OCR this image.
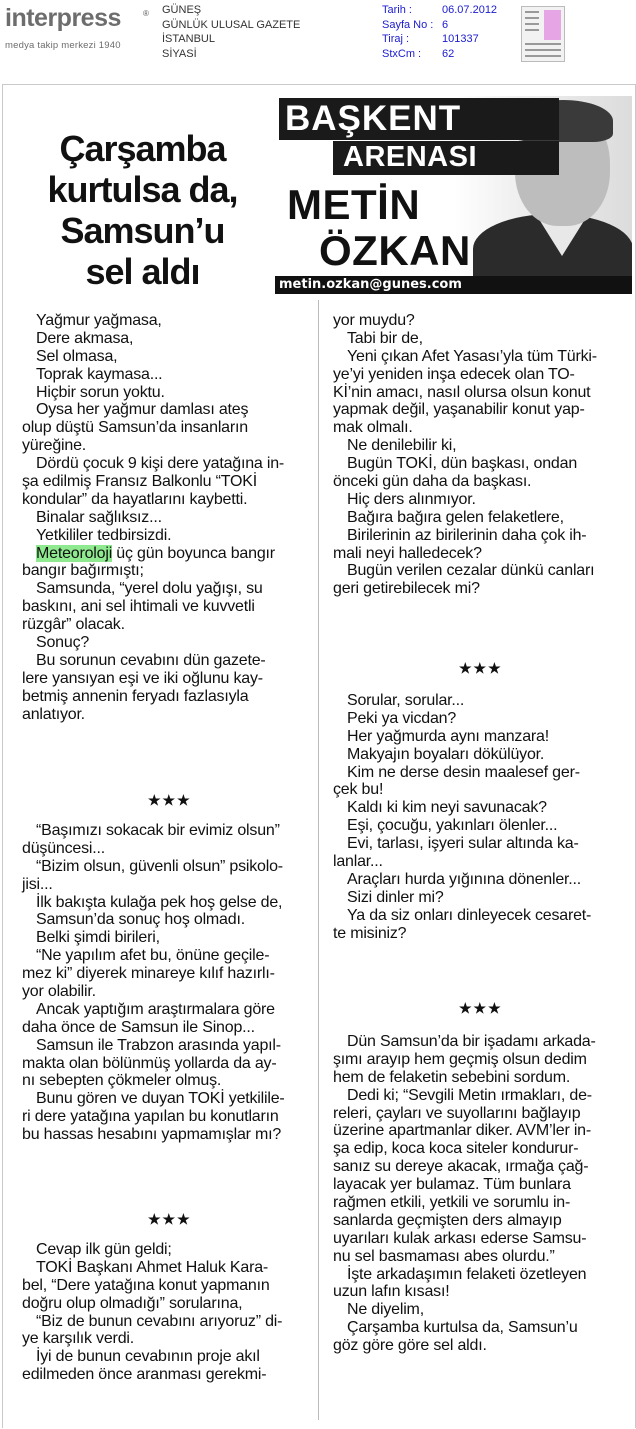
interpress	®
medya takip merkezi 1940
GÜNEŞ
GÜNLÜK ULUSAL GAZETE
İSTANBUL
SİYASİ
Tarih :	06.07.2012
Sayfa No : 6
Tiraj :	101337
StxCm : 62
Çarşamba
kurtulsa da,
Samsun’u
sel aldı
BAŞKENT
ARENASI
METİN
ÖZKAN
metin.ozkan@gunes.com
Yağmur yağmasa,
Dere akmasa,
Sel olmasa,
Toprak kaymasa...
Hiçbir sorun yoktu.
Oysa her yağmur damlası ateş
olup düştü Samsun’da insanların
yüreğine.
Dördü çocuk 9 kişi dere yatağına in-
şa edilmiş Fransız Balkonlu “TOKİ
kondular” da hayatlarını kaybetti.
Binalar sağlıksız...
Yetkililer tedbirsizdi.
Meteoroloji üç gün boyunca bangır
bangır bağırmıştı;
Samsunda, “yerel dolu yağışı, su
baskını, ani sel ihtimali ve kuvvetli
rüzgâr” olacak.
Sonuç?
Bu sorunun cevabını dün gazete-
lere yansıyan eşi ve iki oğlunu kay-
betmiş annenin feryadı fazlasıyla
anlatıyor.
★★★
“Başımızı sokacak bir evimiz olsun”
düşüncesi...
“Bizim olsun, güvenli olsun” psikolo-
jisi...
İlk bakışta kulağa pek hoş gelse de,
Samsun’da sonuç hoş olmadı.
Belki şimdi birileri,
“Ne yapılım afet bu, önüne geçile-
mez ki” diyerek minareye kılıf hazırlı-
yor olabilir.
Ancak yaptığım araştırmalara göre
daha önce de Samsun ile Sinop...
Samsun ile Trabzon arasında yapıl-
makta olan bölünmüş yollarda da ay-
nı sebepten çökmeler olmuş.
Bunu gören ve duyan TOKİ yetkilile-
ri dere yatağına yapılan bu konutların
bu hassas hesabını yapmamışlar mı?
★★★
Cevap ilk gün geldi;
TOKİ Başkanı Ahmet Haluk Kara-
bel, “Dere yatağına konut yapmanın
doğru olup olmadığı” sorularına,
“Biz de bunun cevabını arıyoruz” di-
ye karşılık verdi.
İyi de bunun cevabının proje akıl
edilmeden önce aranması gerekmi-
yor muydu?
Tabi bir de,
Yeni çıkan Afet Yasası’yla tüm Türki-
ye’yi yeniden inşa edecek olan TO-
Kİ’nin amacı, nasıl olursa olsun konut
yapmak değil, yaşanabilir konut yap-
mak olmalı.
Ne denilebilir ki,
Bugün TOKİ, dün başkası, ondan
önceki gün daha da başkası.
Hiç ders alınmıyor.
Bağıra bağıra gelen felaketlere,
Birilerinin az birilerinin daha çok ih-
mali neyi halledecek?
Bugün verilen cezalar dünkü canları
geri getirebilecek mi?
★★★
Sorular, sorular...
Peki ya vicdan?
Her yağmurda aynı manzara!
Makyajın boyaları dökülüyor.
Kim ne derse desin maalesef ger-
çek bu!
Kaldı ki kim neyi savunacak?
Eşi, çocuğu, yakınları ölenler...
Evi, tarlası, işyeri sular altında ka-
lanlar...
Araçları hurda yığınına dönenler...
Sizi dinler mi?
Ya da siz onları dinleyecek cesaret-
te misiniz?
★★★
Dün Samsun’da bir işadamı arkada-
şımı arayıp hem geçmiş olsun dedim
hem de felaketin sebebini sordum.
Dedi ki; “Sevgili Metin ırmakları, de-
releri, çayları ve suyollarını bağlayıp
üzerine apartmanlar diker. AVM’ler in-
şa edip, koca koca siteler kondurur-
sanız su dereye akacak, ırmağa çağ-
layacak yer bulamaz. Tüm bunlara
rağmen etkili, yetkili ve sorumlu in-
sanlarda geçmişten ders almayıp
uyarıları kulak arkası ederse Samsu-
nu sel basmaması abes olurdu.”
İşte arkadaşımın felaketi özetleyen
uzun lafın kısası!
Ne diyelim,
Çarşamba kurtulsa da, Samsun’u
göz göre göre sel aldı.
